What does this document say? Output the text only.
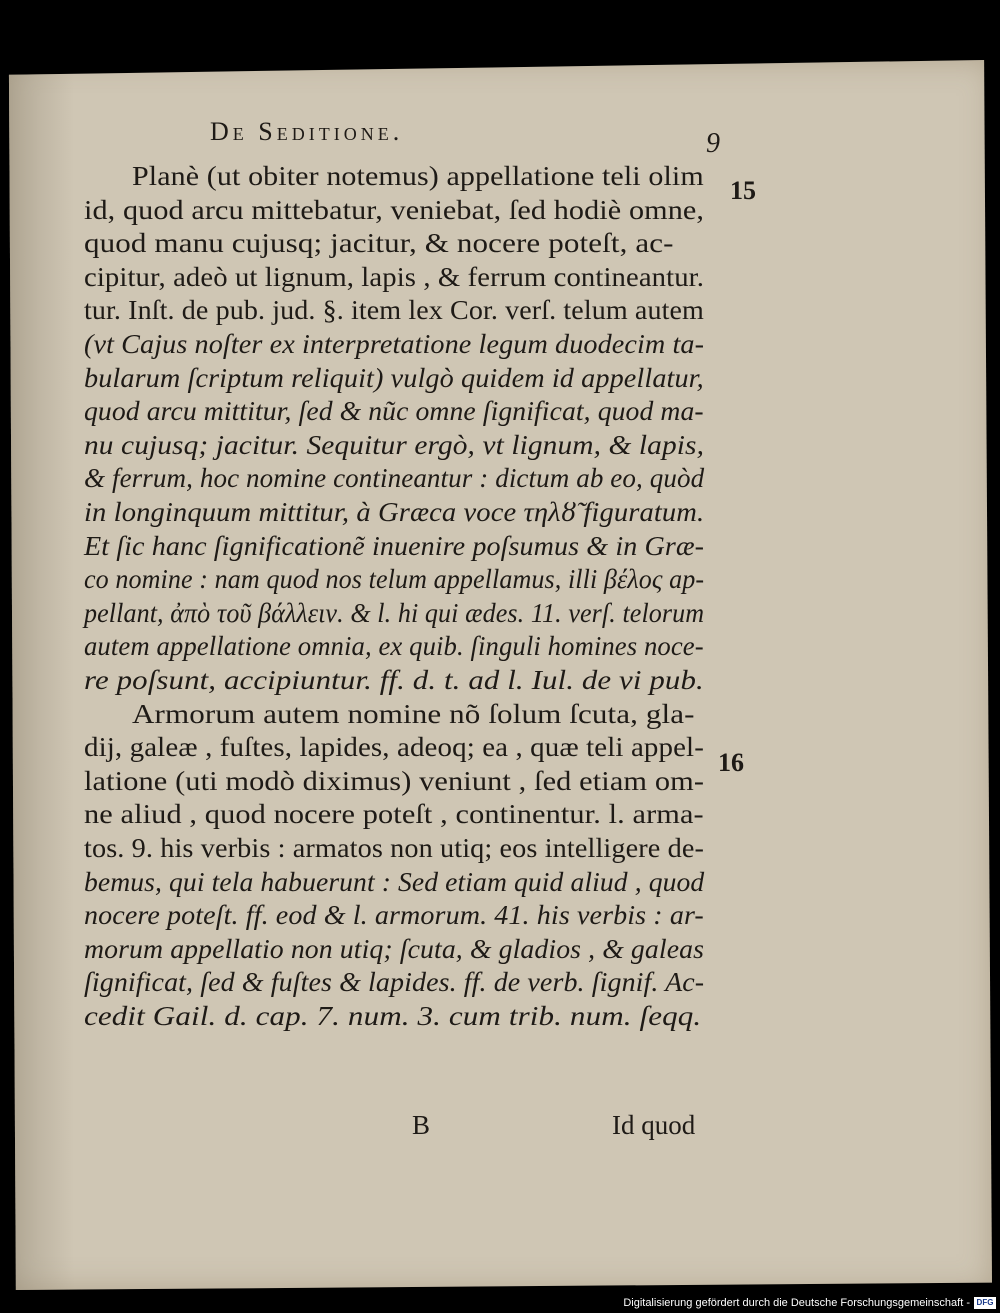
De Seditione.	9
15
16
Planè (ut obiter notemus) appellatione teli olim
id, quod arcu mittebatur, veniebat, ſed hodiè omne,
quod manu cujusq; jacitur, & nocere poteſt, ac-
cipitur, adeò ut lignum, lapis , & ferrum contineantur.
tur. Inſt. de pub. jud. §. item lex Cor. verſ. telum autem
(vt Cajus noſter ex interpretatione legum duodecim ta-
bularum ſcriptum reliquit) vulgò quidem id appellatur,
quod arcu mittitur, ſed & nũc omne ſignificat, quod ma-
nu cujusq; jacitur. Sequitur ergò, vt lignum, & lapis,
& ferrum, hoc nomine contineantur : dictum ab eo, quòd
in longinquum mittitur, à Græca voce τηλȣ̃ figuratum.
Et ſic hanc ſignificationẽ inuenire poſsumus & in Græ-
co nomine : nam quod nos telum appellamus, illi βέλος ap-
pellant, ἀπὸ τοῦ βάλλειν. & l. hi qui ædes. 11. verſ. telorum
autem appellatione omnia, ex quib. ſinguli homines noce-
re poſsunt, accipiuntur. ff. d. t. ad l. Iul. de vi pub.
Armorum autem nomine nõ ſolum ſcuta, gla-
dij, galeæ , fuſtes, lapides, adeoq; ea , quæ teli appel-
latione (uti modò diximus) veniunt , ſed etiam om-
ne aliud , quod nocere poteſt , continentur. l. arma-
tos. 9. his verbis : armatos non utiq; eos intelligere de-
bemus, qui tela habuerunt : Sed etiam quid aliud , quod
nocere poteſt. ff. eod & l. armorum. 41. his verbis : ar-
morum appellatio non utiq; ſcuta, & gladios , & galeas
ſignificat, ſed & fuſtes & lapides. ff. de verb. ſignif. Ac-
cedit Gail. d. cap. 7. num. 3. cum trib. num. ſeqq.
B	Id quod
Digitalisierung gefördert durch die Deutsche Forschungsgemeinschaft - DFG
